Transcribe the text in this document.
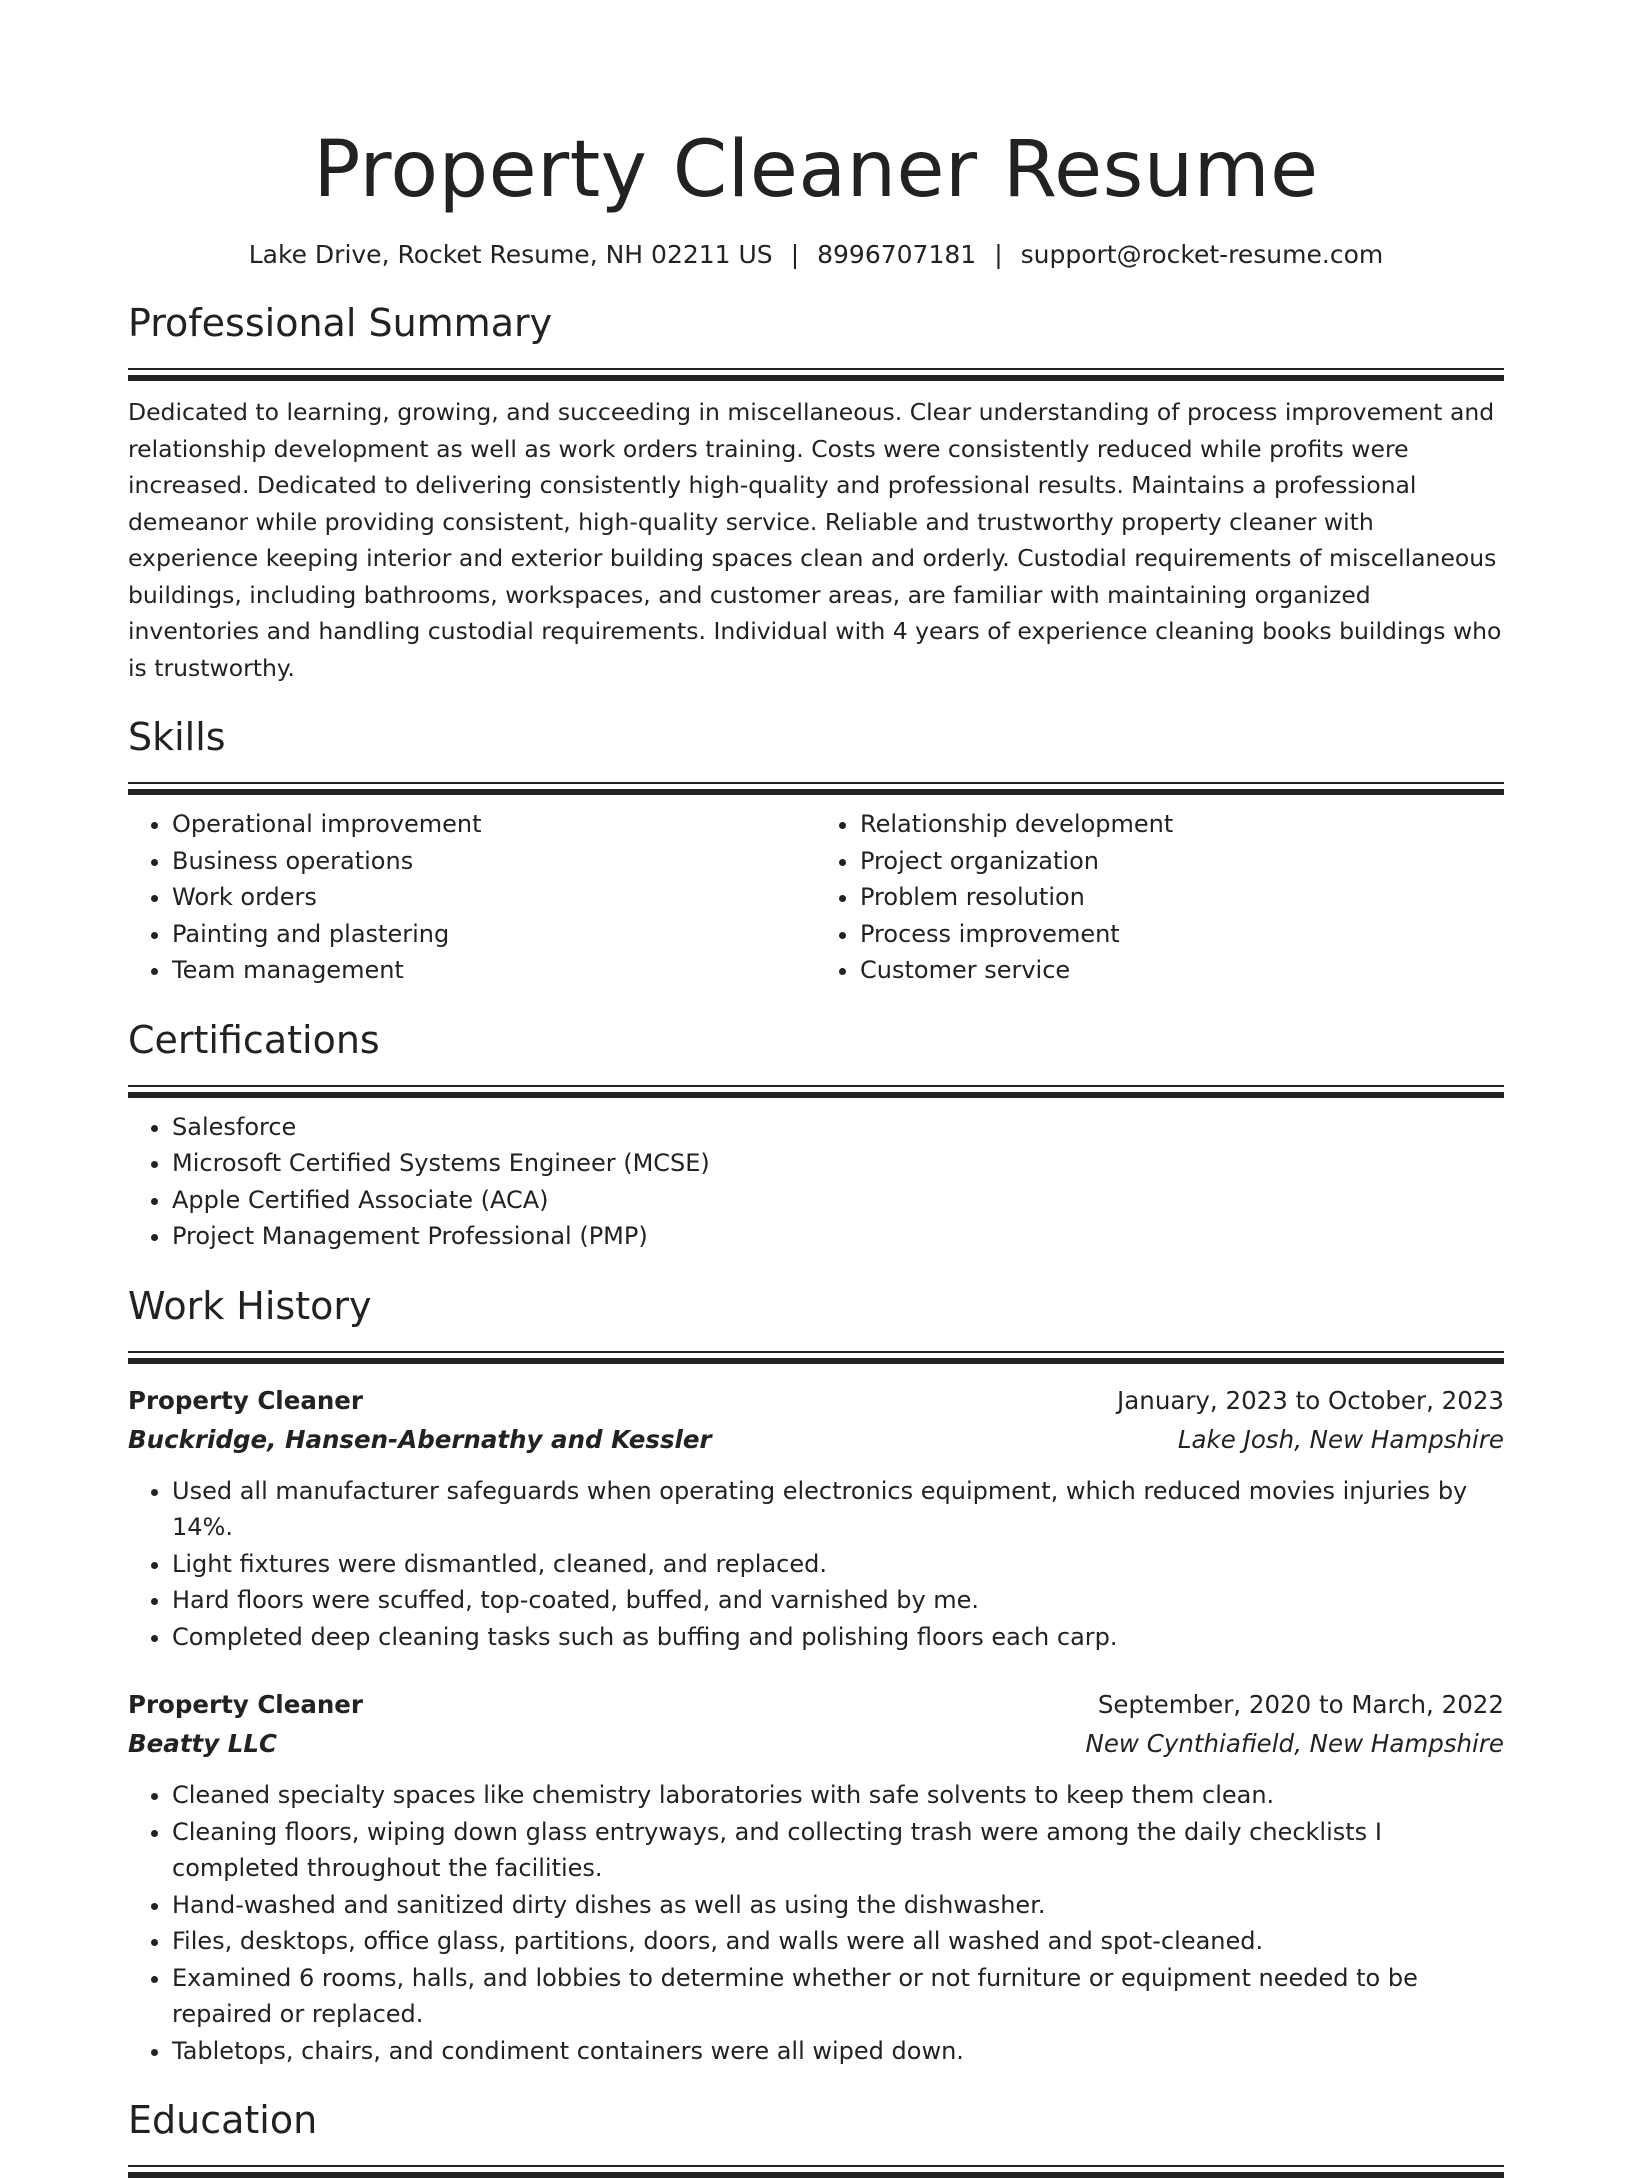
Property Cleaner Resume
Lake Drive, Rocket Resume, NH 02211 US | 8996707181 | support@rocket-resume.com
Professional Summary

Dedicated to learning, growing, and succeeding in miscellaneous. Clear understanding of process improvement and relationship development as well as work orders training. Costs were consistently reduced while profits were increased. Dedicated to delivering consistently high-quality and professional results. Maintains a professional demeanor while providing consistent, high-quality service. Reliable and trustworthy property cleaner with experience keeping interior and exterior building spaces clean and orderly. Custodial requirements of miscellaneous buildings, including bathrooms, workspaces, and customer areas, are familiar with maintaining organized inventories and handling custodial requirements. Individual with 4 years of experience cleaning books buildings who is trustworthy.

Skills
• Operational improvement
• Business operations
• Work orders
• Painting and plastering
• Team management
• Relationship development
• Project organization
• Problem resolution
• Process improvement
• Customer service
Certifications
• Salesforce
• Microsoft Certified Systems Engineer (MCSE)
• Apple Certified Associate (ACA)
• Project Management Professional (PMP)
Work History
Property Cleaner	January, 2023 to October, 2023
Buckridge, Hansen-Abernathy and Kessler	Lake Josh, New Hampshire
• Used all manufacturer safeguards when operating electronics equipment, which reduced movies injuries by 14%.
• Light fixtures were dismantled, cleaned, and replaced.
• Hard floors were scuffed, top-coated, buffed, and varnished by me.
• Completed deep cleaning tasks such as buffing and polishing floors each carp.
Property Cleaner	September, 2020 to March, 2022
Beatty LLC	New Cynthiafield, New Hampshire
• Cleaned specialty spaces like chemistry laboratories with safe solvents to keep them clean.
• Cleaning floors, wiping down glass entryways, and collecting trash were among the daily checklists I completed throughout the facilities.
• Hand-washed and sanitized dirty dishes as well as using the dishwasher.
• Files, desktops, office glass, partitions, doors, and walls were all washed and spot-cleaned.
• Examined 6 rooms, halls, and lobbies to determine whether or not furniture or equipment needed to be repaired or replaced.
• Tabletops, chairs, and condiment containers were all wiped down.
Education
